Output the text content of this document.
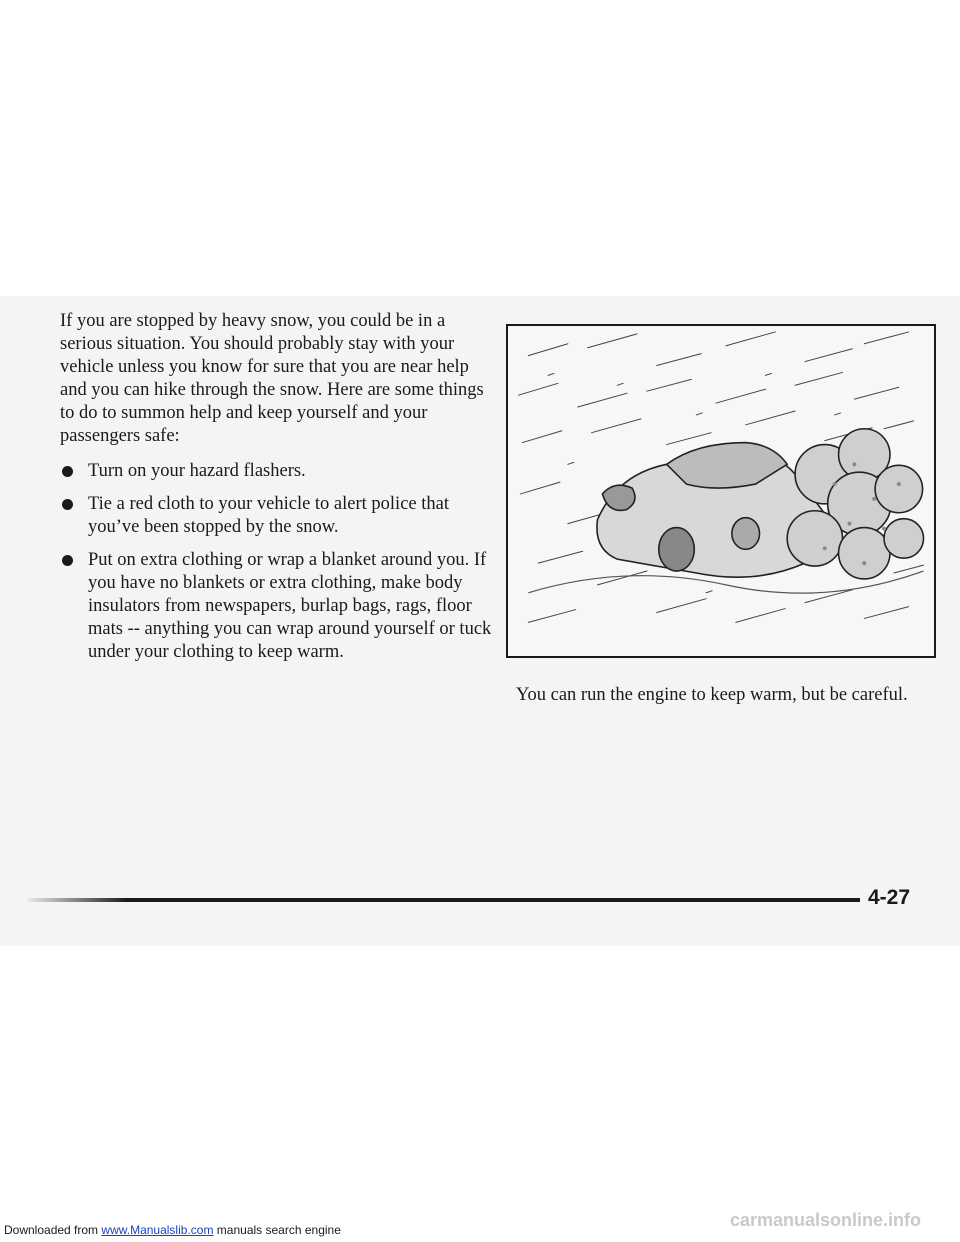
If you are stopped by heavy snow, you could be in a serious situation. You should probably stay with your vehicle unless you know for sure that you are near help and you can hike through the snow. Here are some things to do to summon help and keep yourself and your passengers safe:

Turn on your hazard flashers.
Tie a red cloth to your vehicle to alert police that you’ve been stopped by the snow.
Put on extra clothing or wrap a blanket around you. If you have no blankets or extra clothing, make body insulators from newspapers, burlap bags, rags, floor mats -- anything you can wrap around yourself or tuck under your clothing to keep warm.
You can run the engine to keep warm, but be careful.
4-27
Downloaded from www.Manualslib.com manuals search engine	carmanualsonline.info
